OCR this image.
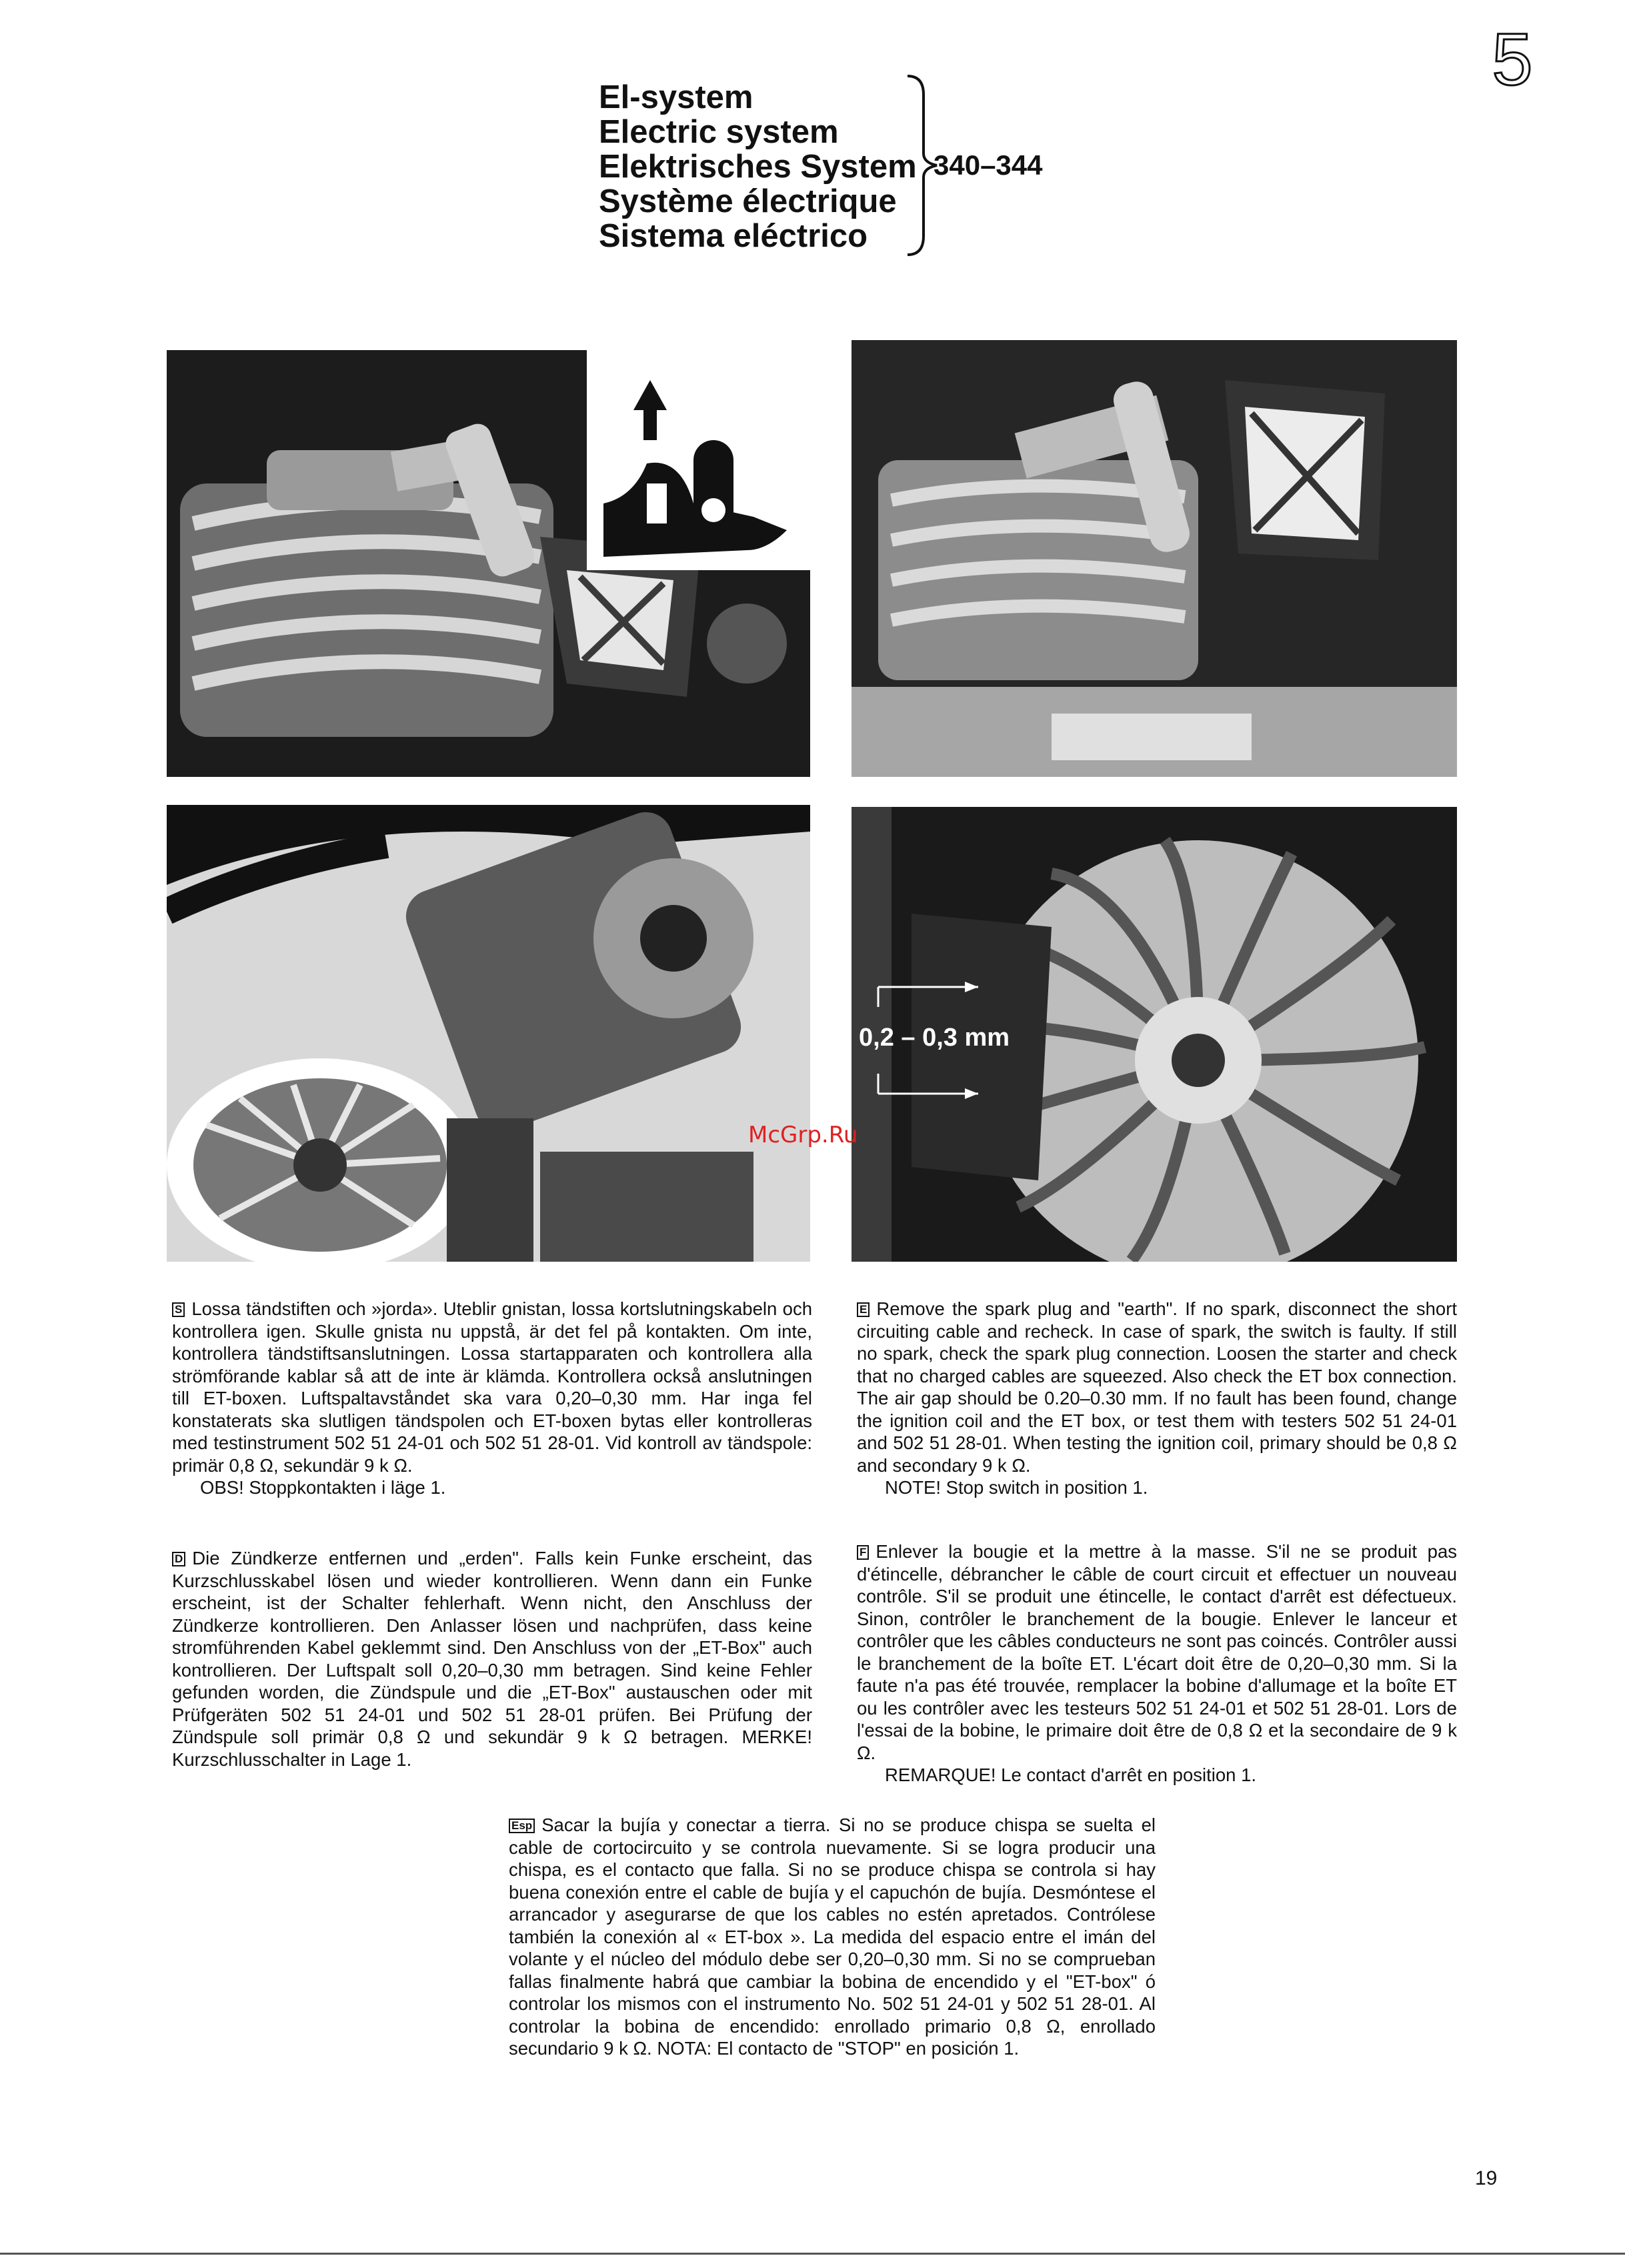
5
El-system
Electric system
Elektrisches System
Système électrique
Sistema eléctrico
340–344
0,2 – 0,3 mm
McGrp.Ru

S Lossa tändstiften och »jorda». Uteblir gnistan, lossa kortslutningskabeln och kontrollera igen. Skulle gnista nu uppstå, är det fel på kontakten. Om inte, kontrollera tändstiftsanslutningen. Lossa startapparaten och kontrollera alla strömförande kablar så att de inte är klämda. Kontrollera också anslutningen till ET-boxen. Luftspaltavståndet ska vara 0,20–0,30 mm. Har inga fel konstaterats ska slutligen tändspolen och ET-boxen bytas eller kontrolleras med testinstrument 502 51 24-01 och 502 51 28-01. Vid kontroll av tändspole: primär 0,8 Ω, sekundär 9 k Ω.

OBS! Stoppkontakten i läge 1.

E Remove the spark plug and "earth". If no spark, disconnect the short circuiting cable and recheck. In case of spark, the switch is faulty. If still no spark, check the spark plug connection. Loosen the starter and check that no charged cables are squeezed. Also check the ET box connection. The air gap should be 0.20–0.30 mm. If no fault has been found, change the ignition coil and the ET box, or test them with testers 502 51 24-01 and 502 51 28-01. When testing the ignition coil, primary should be 0,8 Ω and secondary 9 k Ω.

NOTE! Stop switch in position 1.

D Die Zündkerze entfernen und „erden". Falls kein Funke erscheint, das Kurzschlusskabel lösen und wieder kontrollieren. Wenn dann ein Funke erscheint, ist der Schalter fehlerhaft. Wenn nicht, den Anschluss der Zündkerze kontrollieren. Den Anlasser lösen und nachprüfen, dass keine stromführenden Kabel geklemmt sind. Den Anschluss von der „ET-Box" auch kontrollieren. Der Luftspalt soll 0,20–0,30 mm betragen. Sind keine Fehler gefunden worden, die Zündspule und die „ET-Box" austauschen oder mit Prüfgeräten 502 51 24-01 und 502 51 28-01 prüfen. Bei Prüfung der Zündspule soll primär 0,8 Ω und sekundär 9 k Ω betragen. MERKE! Kurzschlusschalter in Lage 1.

F Enlever la bougie et la mettre à la masse. S'il ne se produit pas d'étincelle, débrancher le câble de court circuit et effectuer un nouveau contrôle. S'il se produit une étincelle, le contact d'arrêt est défectueux. Sinon, contrôler le branchement de la bougie. Enlever le lanceur et contrôler que les câbles conducteurs ne sont pas coincés. Contrôler aussi le branchement de la boîte ET. L'écart doit être de 0,20–0,30 mm. Si la faute n'a pas été trouvée, remplacer la bobine d'allumage et la boîte ET ou les contrôler avec les testeurs 502 51 24-01 et 502 51 28-01. Lors de l'essai de la bobine, le primaire doit être de 0,8 Ω et la secondaire de 9 k Ω.

REMARQUE! Le contact d'arrêt en position 1.

Esp Sacar la bujía y conectar a tierra. Si no se produce chispa se suelta el cable de cortocircuito y se controla nuevamente. Si se logra producir una chispa, es el contacto que falla. Si no se produce chispa se controla si hay buena conexión entre el cable de bujía y el capuchón de bujía. Desmóntese el arrancador y asegurarse de que los cables no estén apretados. Contrólese también la conexión al « ET-box ». La medida del espacio entre el imán del volante y el núcleo del módulo debe ser 0,20–0,30 mm. Si no se comprueban fallas finalmente habrá que cambiar la bobina de encendido y el "ET-box" ó controlar los mismos con el instrumento No. 502 51 24-01 y 502 51 28-01. Al controlar la bobina de encendido: enrollado primario 0,8 Ω, enrollado secundario 9 k Ω. NOTA: El contacto de "STOP" en posición 1.

19
